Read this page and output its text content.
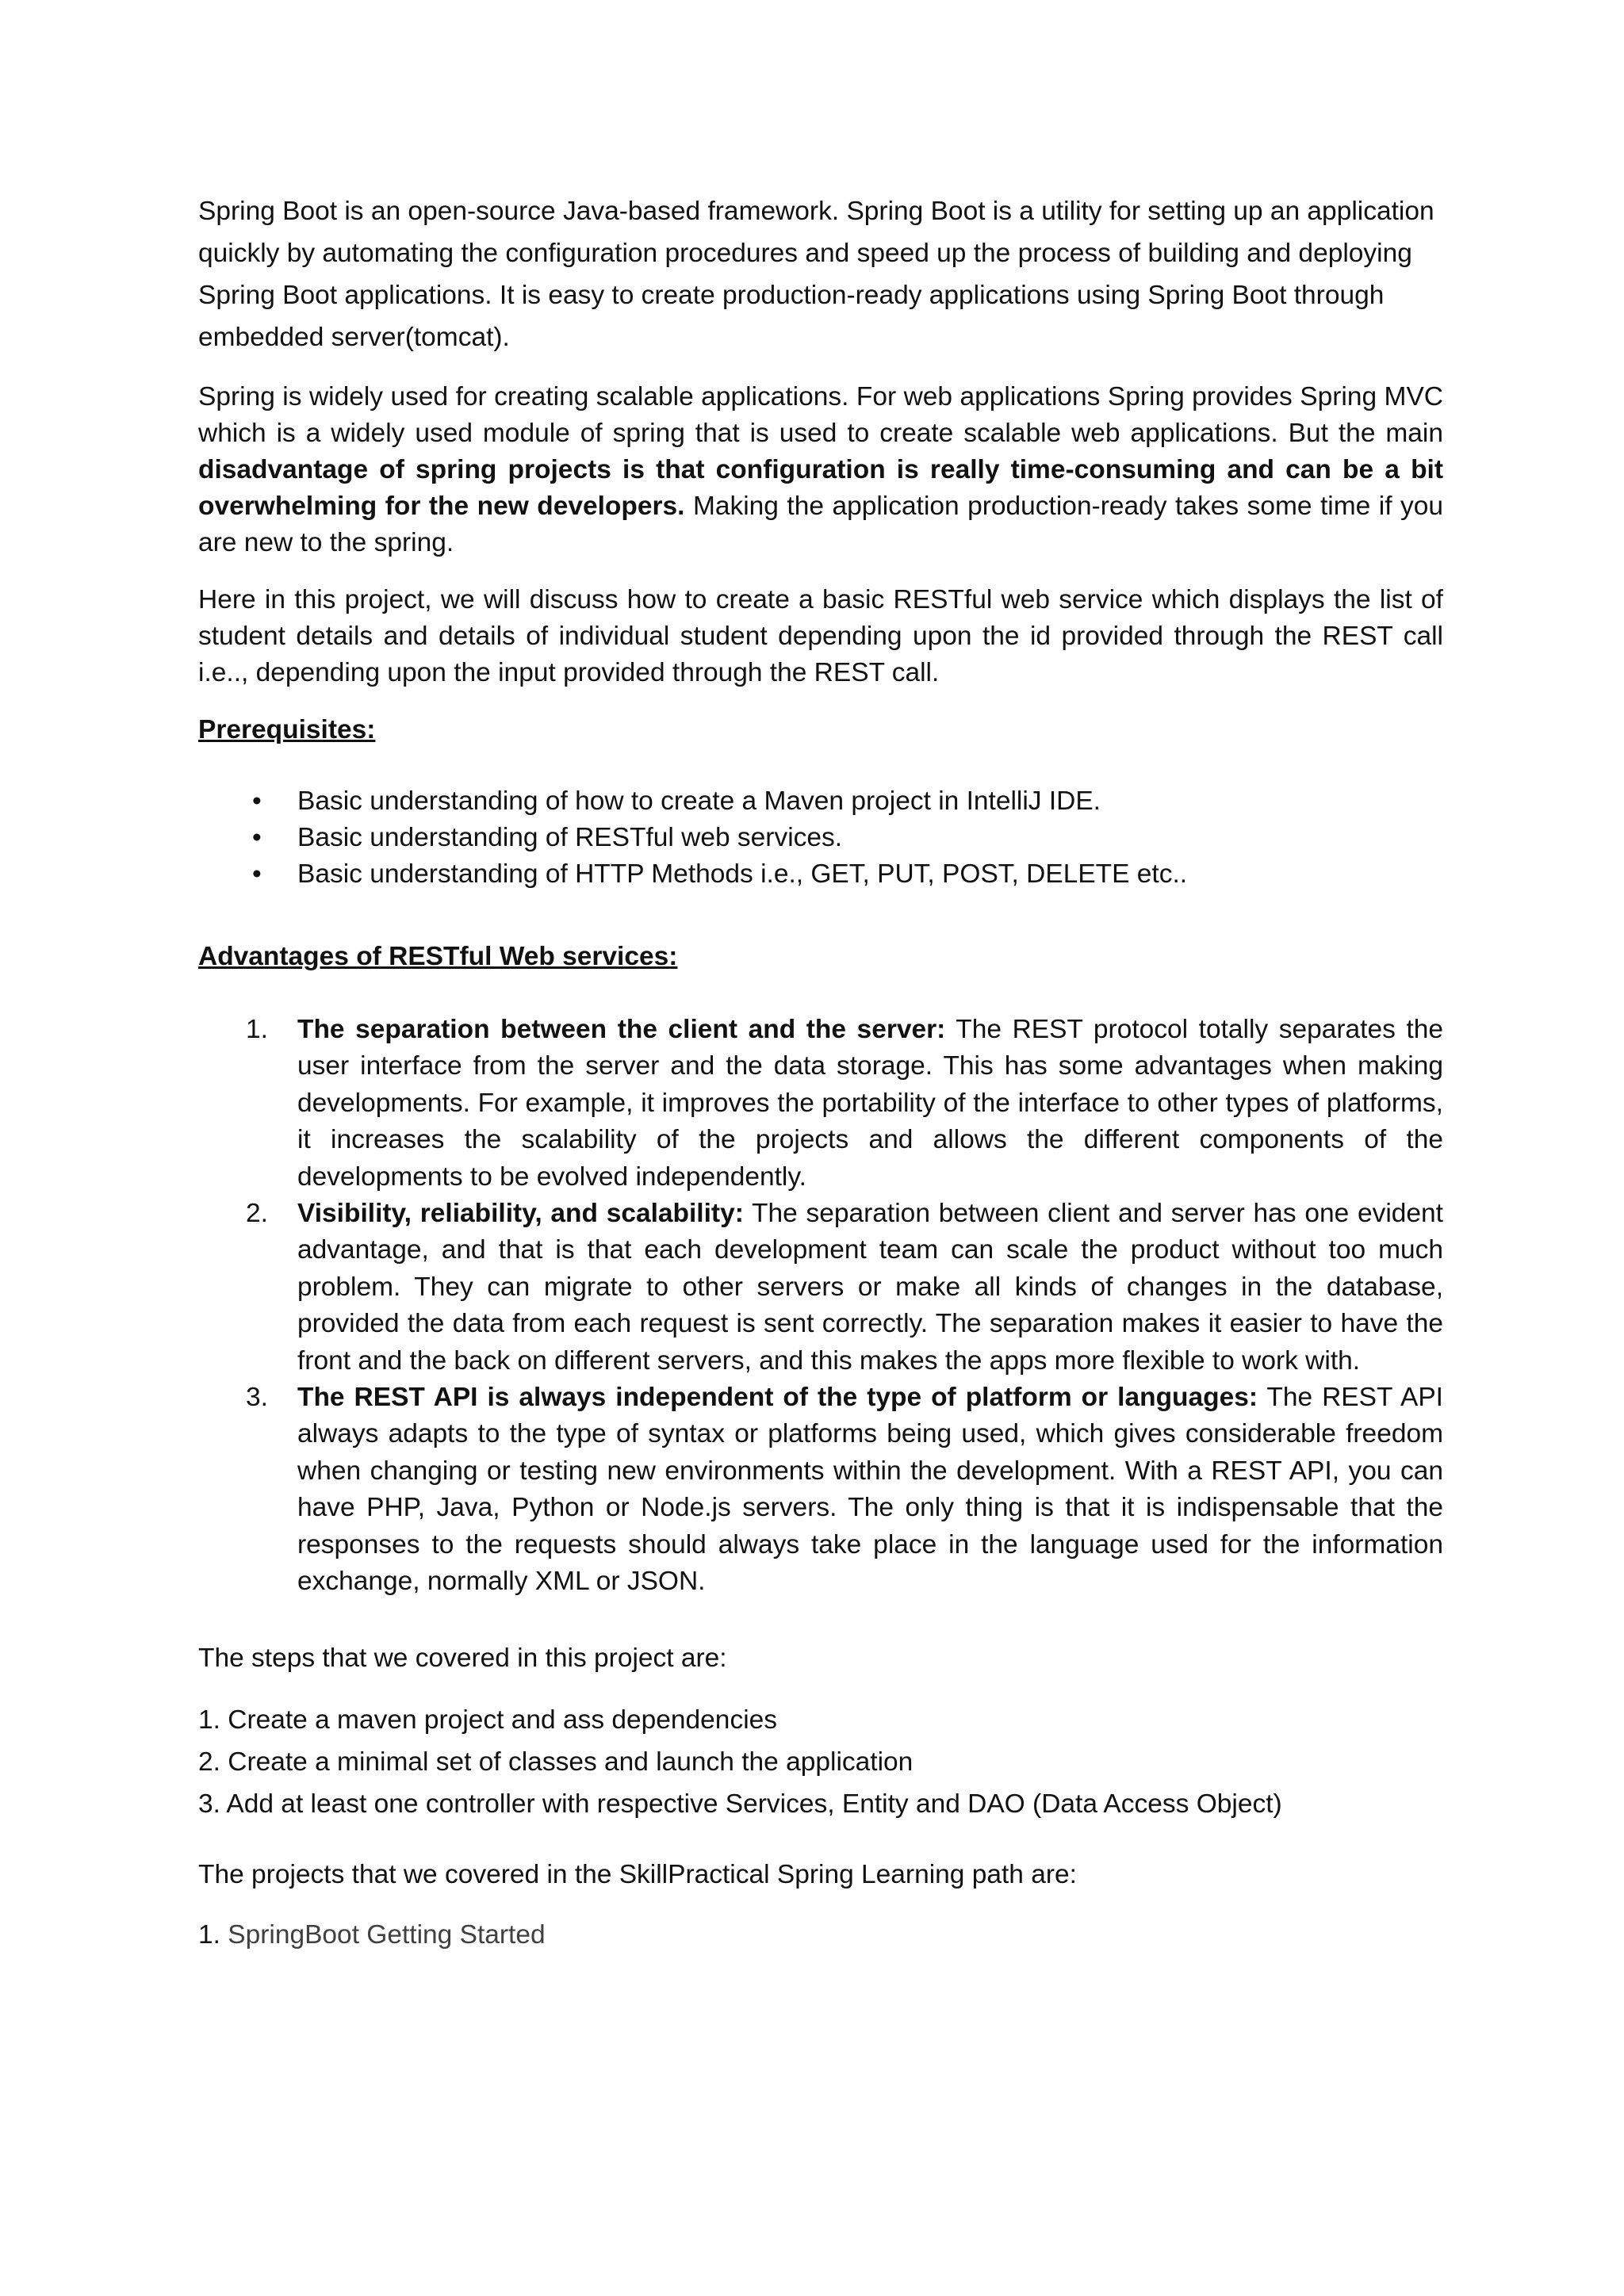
Spring Boot is an open-source Java-based framework. Spring Boot is a utility for setting up an application quickly by automating the configuration procedures and speed up the process of building and deploying Spring Boot applications. It is easy to create production-ready applications using Spring Boot through embedded server(tomcat).

Spring is widely used for creating scalable applications. For web applications Spring provides Spring MVC which is a widely used module of spring that is used to create scalable web applications. But the main disadvantage of spring projects is that configuration is really time-consuming and can be a bit overwhelming for the new developers. Making the application production-ready takes some time if you are new to the spring.

Here in this project, we will discuss how to create a basic RESTful web service which displays the list of student details and details of individual student depending upon the id provided through the REST call i.e.., depending upon the input provided through the REST call.

Prerequisites:

• Basic understanding of how to create a Maven project in IntelliJ IDE.
• Basic understanding of RESTful web services.
• Basic understanding of HTTP Methods i.e., GET, PUT, POST, DELETE etc..

Advantages of RESTful Web services:

1. The separation between the client and the server: The REST protocol totally separates the user interface from the server and the data storage. This has some advantages when making developments. For example, it improves the portability of the interface to other types of platforms, it increases the scalability of the projects and allows the different components of the developments to be evolved independently.
2. Visibility, reliability, and scalability: The separation between client and server has one evident advantage, and that is that each development team can scale the product without too much problem. They can migrate to other servers or make all kinds of changes in the database, provided the data from each request is sent correctly. The separation makes it easier to have the front and the back on different servers, and this makes the apps more flexible to work with.
3. The REST API is always independent of the type of platform or languages: The REST API always adapts to the type of syntax or platforms being used, which gives considerable freedom when changing or testing new environments within the development. With a REST API, you can have PHP, Java, Python or Node.js servers. The only thing is that it is indispensable that the responses to the requests should always take place in the language used for the information exchange, normally XML or JSON.

The steps that we covered in this project are:

1. Create a maven project and ass dependencies

2. Create a minimal set of classes and launch the application

3. Add at least one controller with respective Services, Entity and DAO (Data Access Object)

The projects that we covered in the SkillPractical Spring Learning path are:

1. SpringBoot Getting Started
